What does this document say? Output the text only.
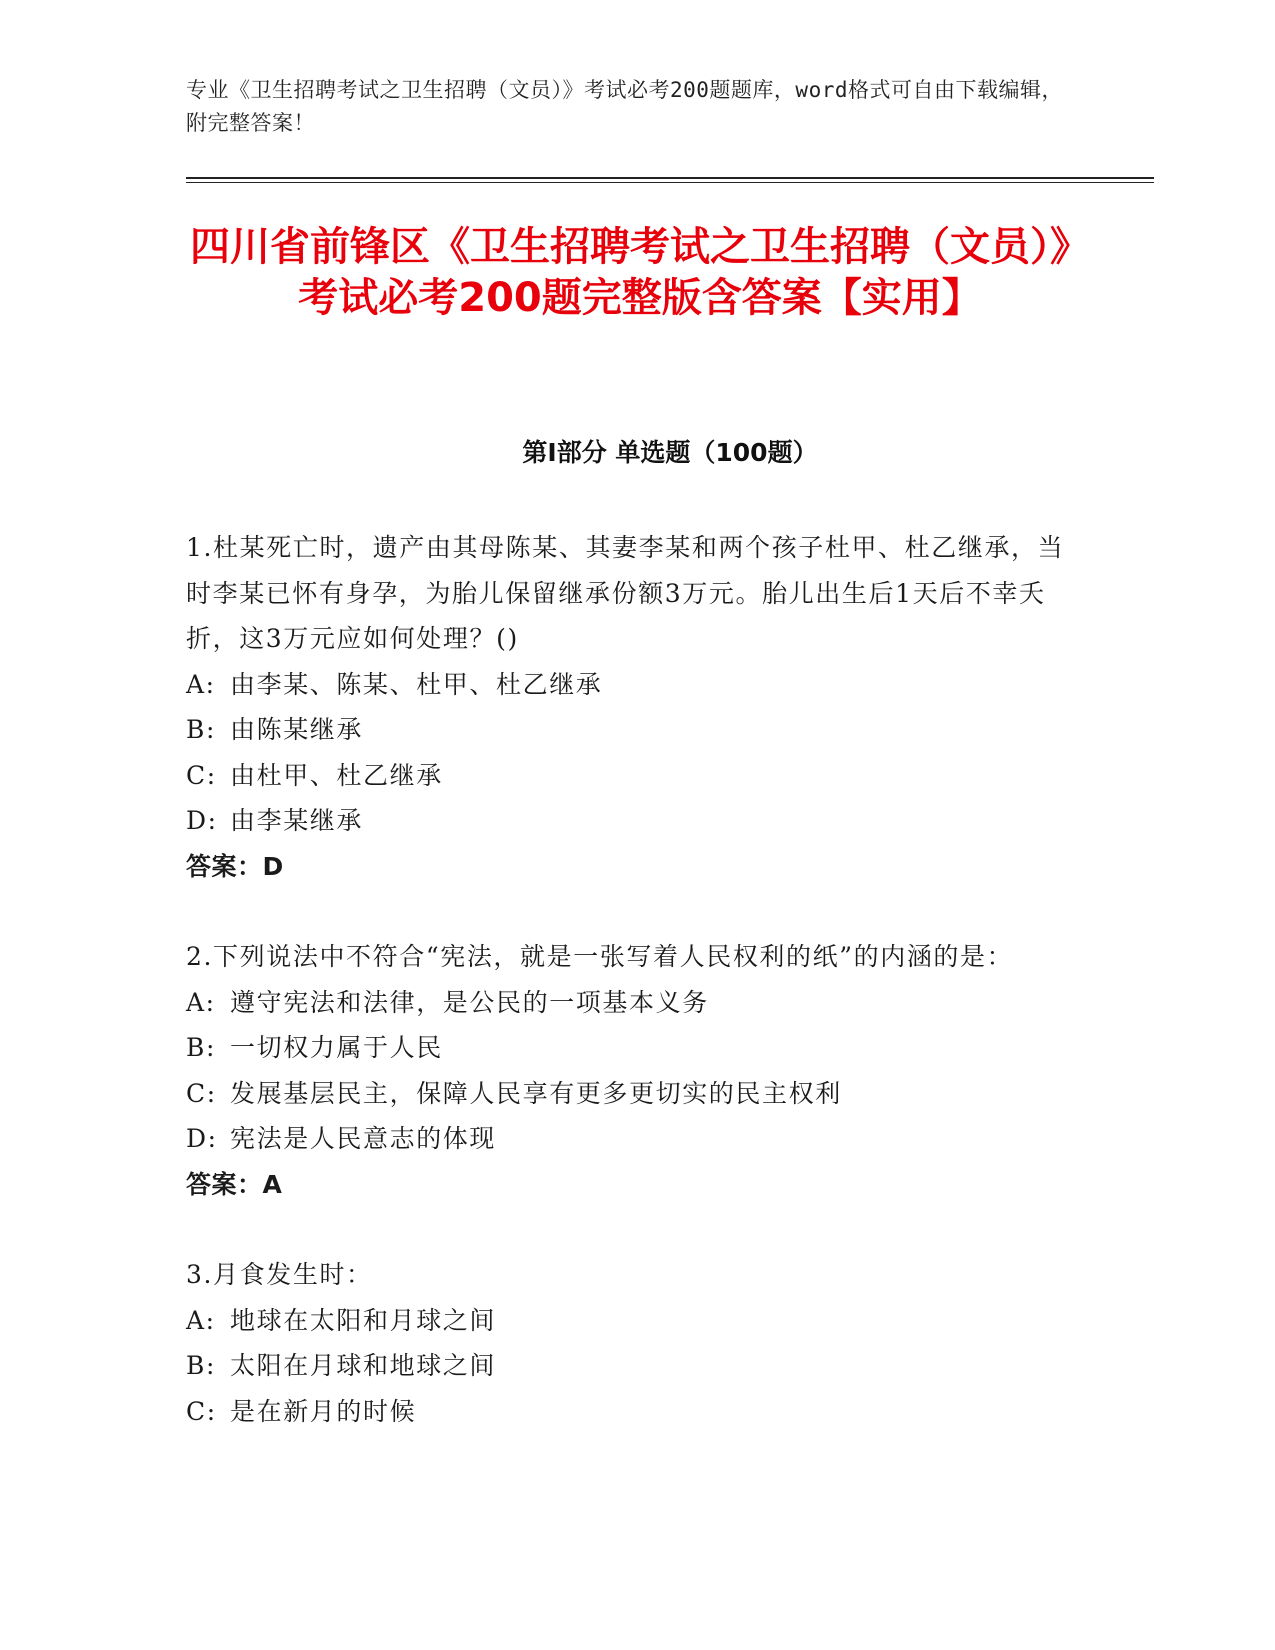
专业《卫生招聘考试之卫生招聘（文员）》考试必考200题题库，word格式可自由下载编辑，附完整答案！
四川省前锋区《卫生招聘考试之卫生招聘（文员）》考试必考200题完整版含答案【实用】
第Ⅰ部分 单选题（100题）

1.杜某死亡时，遗产由其母陈某、其妻李某和两个孩子杜甲、杜乙继承，当时李某已怀有身孕，为胎儿保留继承份额3万元。胎儿出生后1天后不幸夭折，这3万元应如何处理？()

A: 由李某、陈某、杜甲、杜乙继承

B: 由陈某继承

C: 由杜甲、杜乙继承

D: 由李某继承

答案：D

2.下列说法中不符合“宪法，就是一张写着人民权利的纸”的内涵的是：

A: 遵守宪法和法律，是公民的一项基本义务

B: 一切权力属于人民

C: 发展基层民主，保障人民享有更多更切实的民主权利

D: 宪法是人民意志的体现

答案：A

3.月食发生时：

A: 地球在太阳和月球之间

B: 太阳在月球和地球之间

C: 是在新月的时候
